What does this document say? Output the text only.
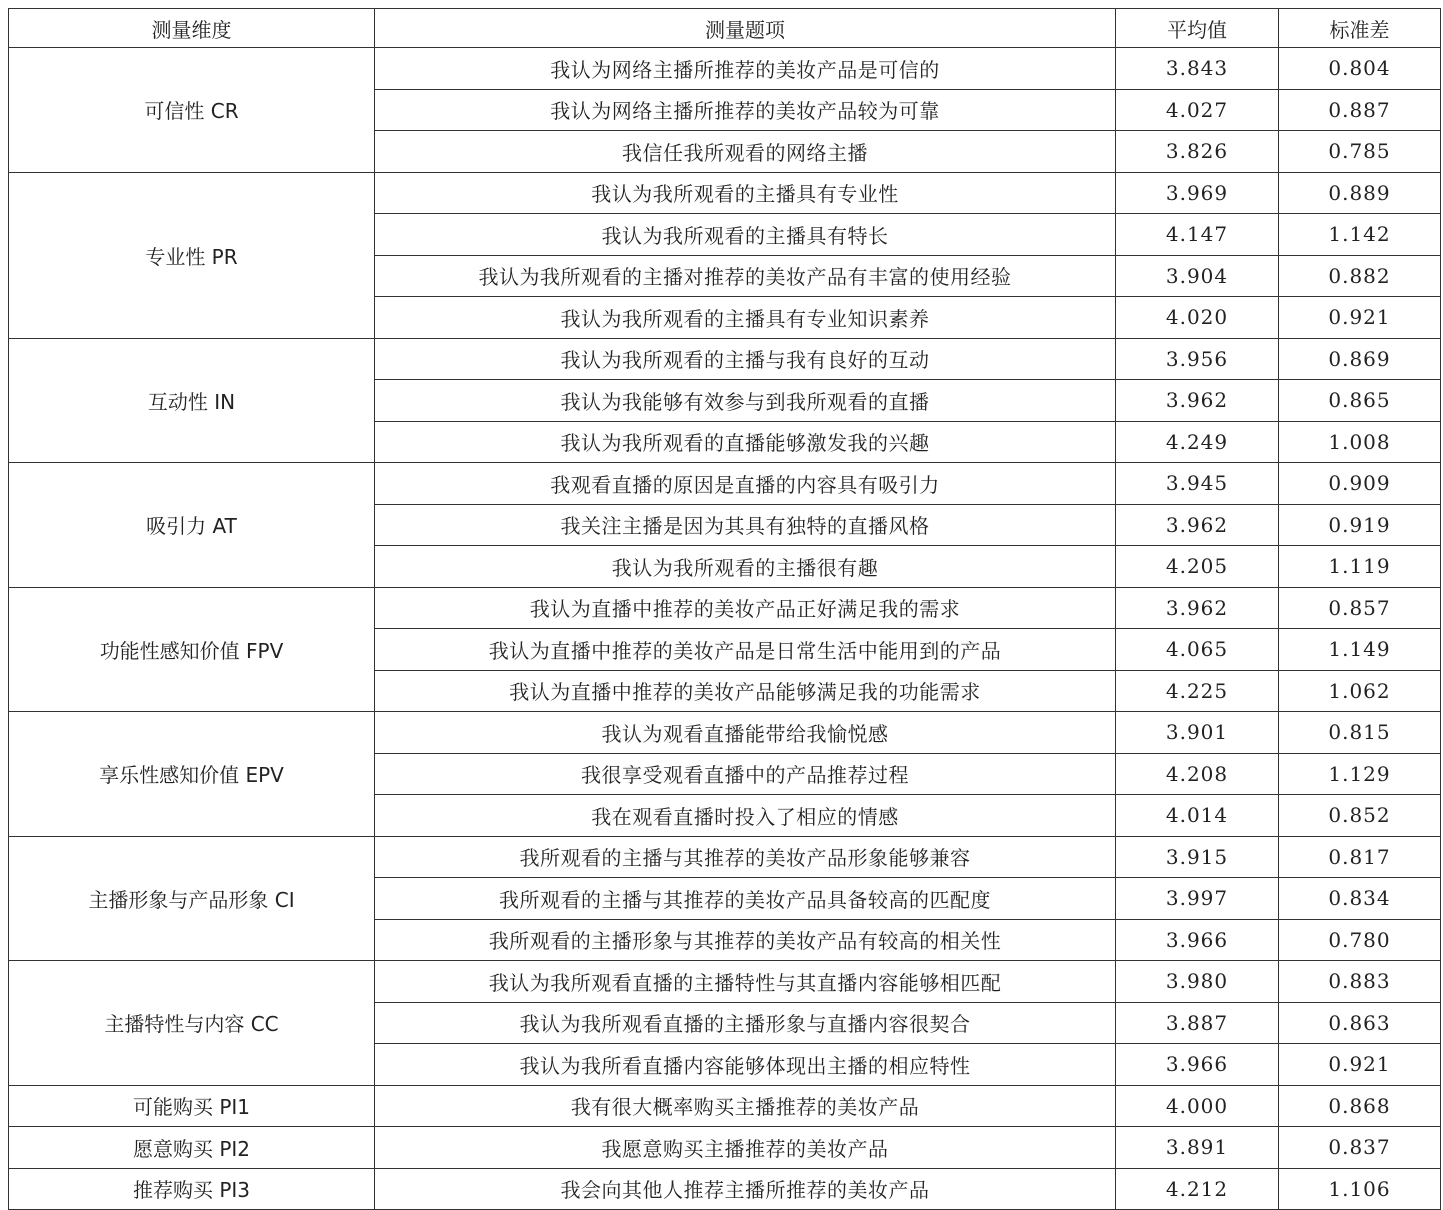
测量维度	测量题项	平均值	标准差
可信性 CR	我认为网络主播所推荐的美妆产品是可信的	3.843	0.804
	我认为网络主播所推荐的美妆产品较为可靠	4.027	0.887
	我信任我所观看的网络主播	3.826	0.785
专业性 PR	我认为我所观看的主播具有专业性	3.969	0.889
	我认为我所观看的主播具有特长	4.147	1.142
	我认为我所观看的主播对推荐的美妆产品有丰富的使用经验	3.904	0.882
	我认为我所观看的主播具有专业知识素养	4.020	0.921
互动性 IN	我认为我所观看的主播与我有良好的互动	3.956	0.869
	我认为我能够有效参与到我所观看的直播	3.962	0.865
	我认为我所观看的直播能够激发我的兴趣	4.249	1.008
吸引力 AT	我观看直播的原因是直播的内容具有吸引力	3.945	0.909
	我关注主播是因为其具有独特的直播风格	3.962	0.919
	我认为我所观看的主播很有趣	4.205	1.119
功能性感知价值 FPV	我认为直播中推荐的美妆产品正好满足我的需求	3.962	0.857
	我认为直播中推荐的美妆产品是日常生活中能用到的产品	4.065	1.149
	我认为直播中推荐的美妆产品能够满足我的功能需求	4.225	1.062
享乐性感知价值 EPV	我认为观看直播能带给我愉悦感	3.901	0.815
	我很享受观看直播中的产品推荐过程	4.208	1.129
	我在观看直播时投入了相应的情感	4.014	0.852
主播形象与产品形象 CI	我所观看的主播与其推荐的美妆产品形象能够兼容	3.915	0.817
	我所观看的主播与其推荐的美妆产品具备较高的匹配度	3.997	0.834
	我所观看的主播形象与其推荐的美妆产品有较高的相关性	3.966	0.780
主播特性与内容 CC	我认为我所观看直播的主播特性与其直播内容能够相匹配	3.980	0.883
	我认为我所观看直播的主播形象与直播内容很契合	3.887	0.863
	我认为我所看直播内容能够体现出主播的相应特性	3.966	0.921
可能购买 PI1	我有很大概率购买主播推荐的美妆产品	4.000	0.868
愿意购买 PI2	我愿意购买主播推荐的美妆产品	3.891	0.837
推荐购买 PI3	我会向其他人推荐主播所推荐的美妆产品	4.212	1.106
